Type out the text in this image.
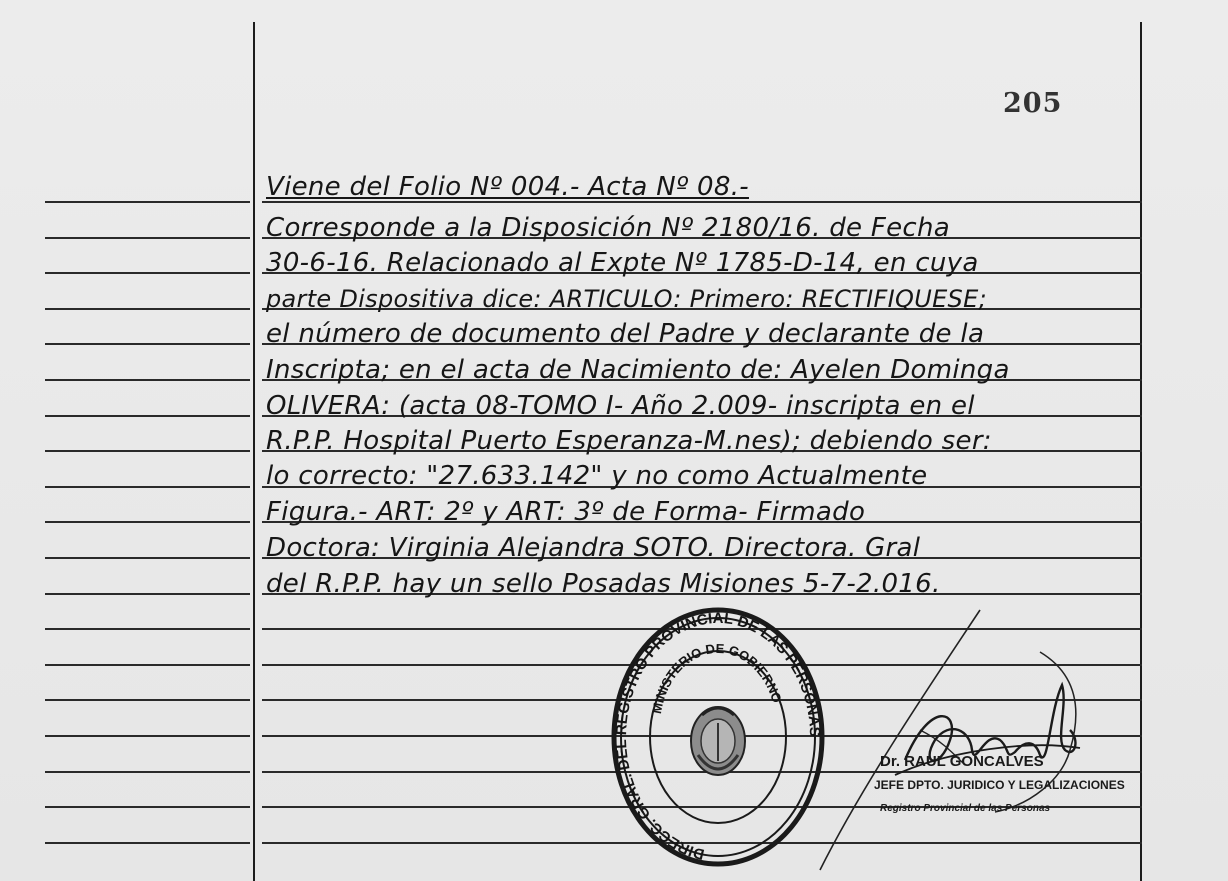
205
Viene del Folio Nº 004.- Acta Nº 08.-
Corresponde a la Disposición Nº 2180/16. de Fecha
30-6-16. Relacionado al Expte Nº 1785-D-14, en cuya
parte Dispositiva dice: ARTICULO: Primero: RECTIFIQUESE;
el número de documento del Padre y declarante de la
Inscripta; en el acta de Nacimiento de: Ayelen Dominga
OLIVERA: (acta 08-TOMO I- Año 2.009- inscripta en el
R.P.P. Hospital Puerto Esperanza-M.nes); debiendo ser:
lo correcto: "27.633.142" y no como Actualmente
Figura.- ART: 2º y ART: 3º de Forma- Firmado
Doctora: Virginia Alejandra SOTO. Directora. Gral
del R.P.P. hay un sello Posadas Misiones 5-7-2.016.
DIRECC. GRAL. DEL REGISTRO PROVINCIAL DE LAS PERSONAS
MINISTERIO DE GOBIERNO
Dr. RAUL GONCALVES
JEFE DPTO. JURIDICO Y LEGALIZACIONES
Registro Provincial de las Personas
